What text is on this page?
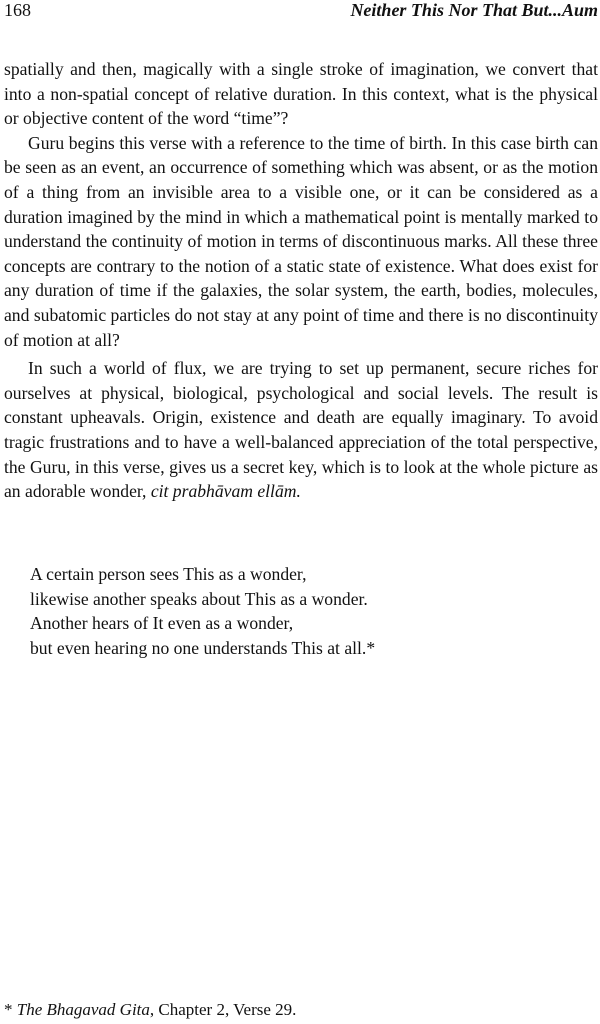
168	Neither This Nor That But...Aum

spatially and then, magically with a single stroke of imagination, we convert that into a non-spatial concept of relative duration. In this context, what is the physical or objective content of the word “time”?

Guru begins this verse with a reference to the time of birth. In this case birth can be seen as an event, an occurrence of something which was absent, or as the motion of a thing from an invisible area to a visible one, or it can be considered as a duration imagined by the mind in which a mathematical point is mentally marked to understand the continuity of motion in terms of discontinuous marks. All these three concepts are contrary to the notion of a static state of existence. What does exist for any duration of time if the galaxies, the solar system, the earth, bodies, molecules, and subatomic particles do not stay at any point of time and there is no discontinuity of motion at all?

In such a world of flux, we are trying to set up permanent, secure riches for ourselves at physical, biological, psychological and social levels. The result is constant upheavals. Origin, existence and death are equally imaginary. To avoid tragic frustrations and to have a well-balanced appreciation of the total perspective, the Guru, in this verse, gives us a secret key, which is to look at the whole picture as an adorable wonder, cit prabhāvam ellām.

A certain person sees This as a wonder,
likewise another speaks about This as a wonder.
Another hears of It even as a wonder,
but even hearing no one understands This at all.*
* The Bhagavad Gita, Chapter 2, Verse 29.
